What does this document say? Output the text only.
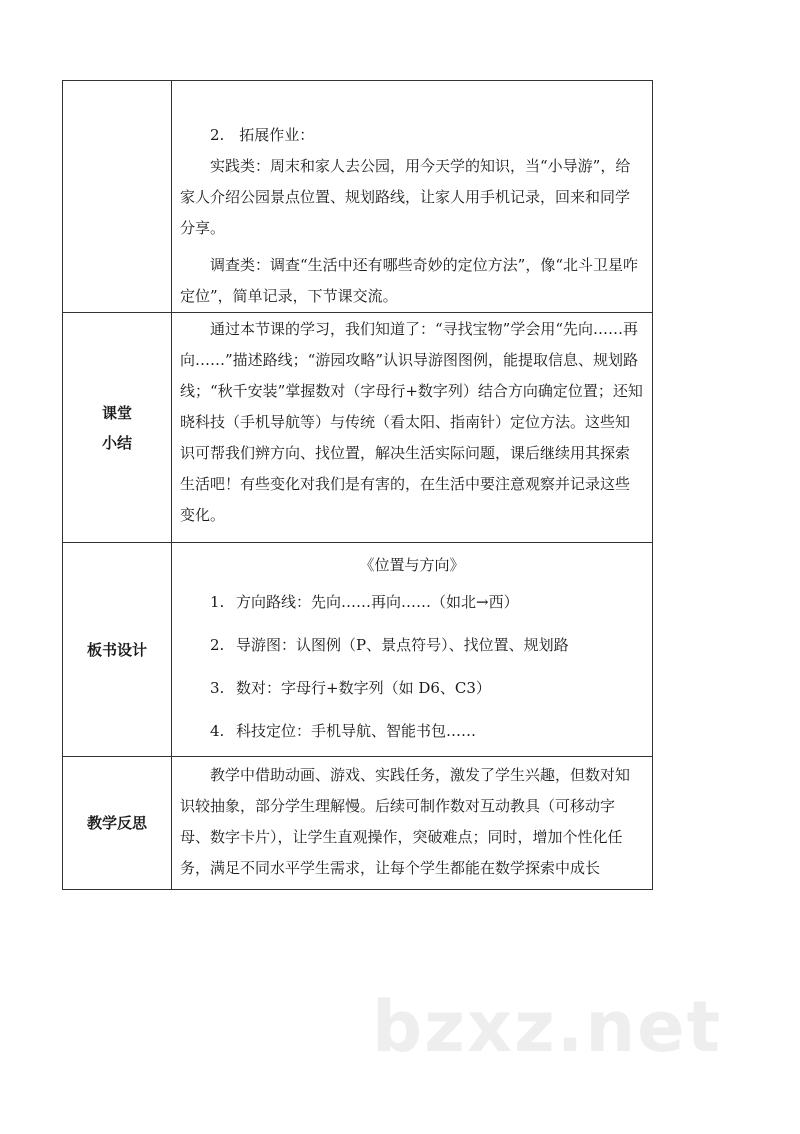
	2.　拓展作业：

实践类：周末和家人去公园，用今天学的知识，当“小导游”，给家人介绍公园景点位置、规划路线，让家人用手机记录，回来和同学分享。

调查类：调查“生活中还有哪些奇妙的定位方法”，像“北斗卫星咋定位”，简单记录，下节课交流。

课堂
小结	通过本节课的学习，我们知道了：“寻找宝物”学会用“先向……再向……”描述路线；“游园攻略”认识导游图图例，能提取信息、规划路线；“秋千安装”掌握数对（字母行+数字列）结合方向确定位置；还知晓科技（手机导航等）与传统（看太阳、指南针）定位方法。这些知识可帮我们辨方向、找位置，解决生活实际问题，课后继续用其探索生活吧！有些变化对我们是有害的，在生活中要注意观察并记录这些变化。

板书设计	《位置与方向》

1. 方向路线：先向……再向……（如北→西）

2. 导游图：认图例（P、景点符号）、找位置、规划路

3. 数对：字母行+数字列（如 D6、C3）

4. 科技定位：手机导航、智能书包……

教学反思	教学中借助动画、游戏、实践任务，激发了学生兴趣，但数对知识较抽象，部分学生理解慢。后续可制作数对互动教具（可移动字母、数字卡片），让学生直观操作，突破难点；同时，增加个性化任务，满足不同水平学生需求，让每个学生都能在数学探索中成长

bzxz.net
